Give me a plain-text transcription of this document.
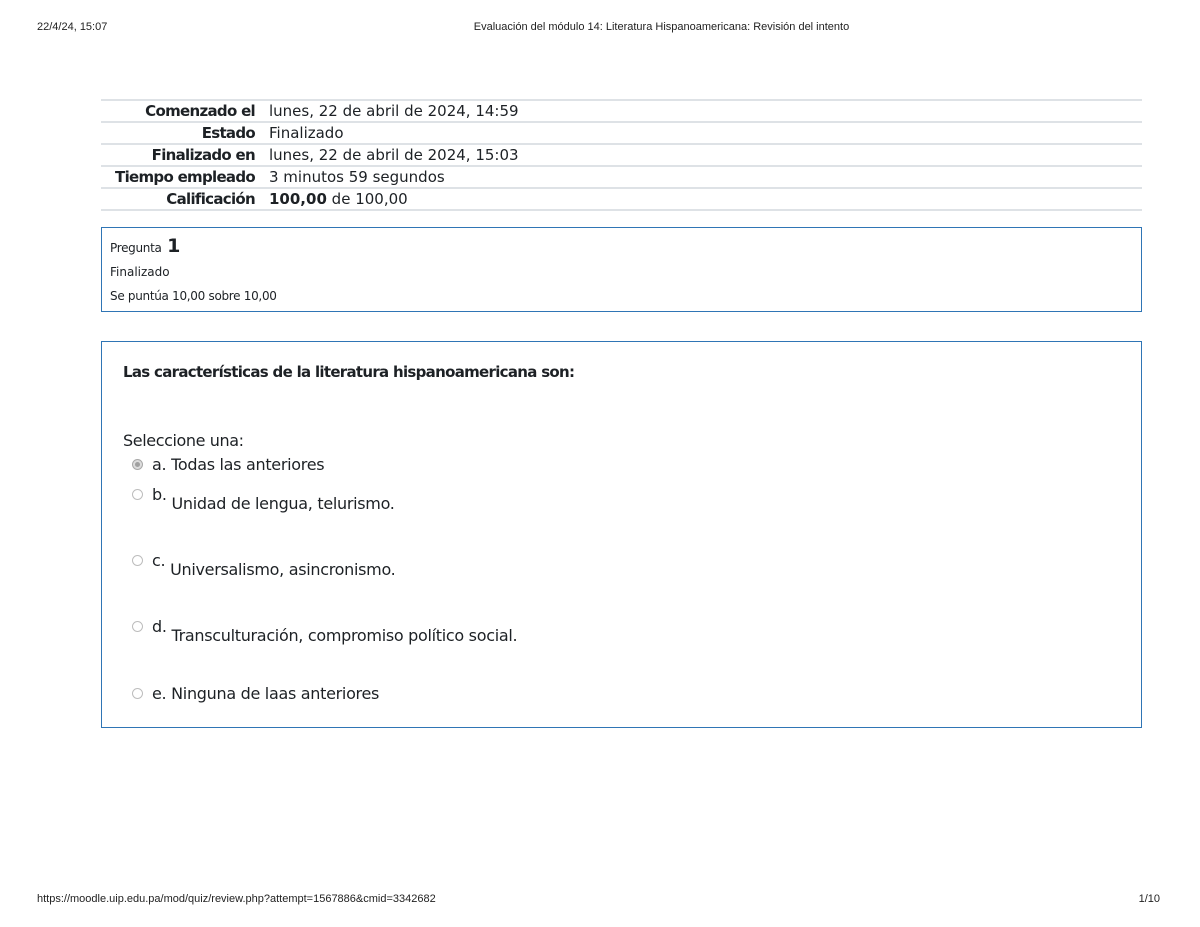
22/4/24, 15:07	Evaluación del módulo 14: Literatura Hispanoamericana: Revisión del intento
Comenzado el	lunes, 22 de abril de 2024, 14:59
Estado	Finalizado
Finalizado en	lunes, 22 de abril de 2024, 15:03
Tiempo empleado	3 minutos 59 segundos
Calificación	100,00 de 100,00
Pregunta 1
Finalizado
Se puntúa 10,00 sobre 10,00
Las características de la literatura hispanoamericana son:
Seleccione una:
a. Todas las anteriores
b. Unidad de lengua, telurismo.
c. Universalismo, asincronismo.
d. Transculturación, compromiso político social.
e. Ninguna de laas anteriores
https://moodle.uip.edu.pa/mod/quiz/review.php?attempt=1567886&cmid=3342682	1/10
